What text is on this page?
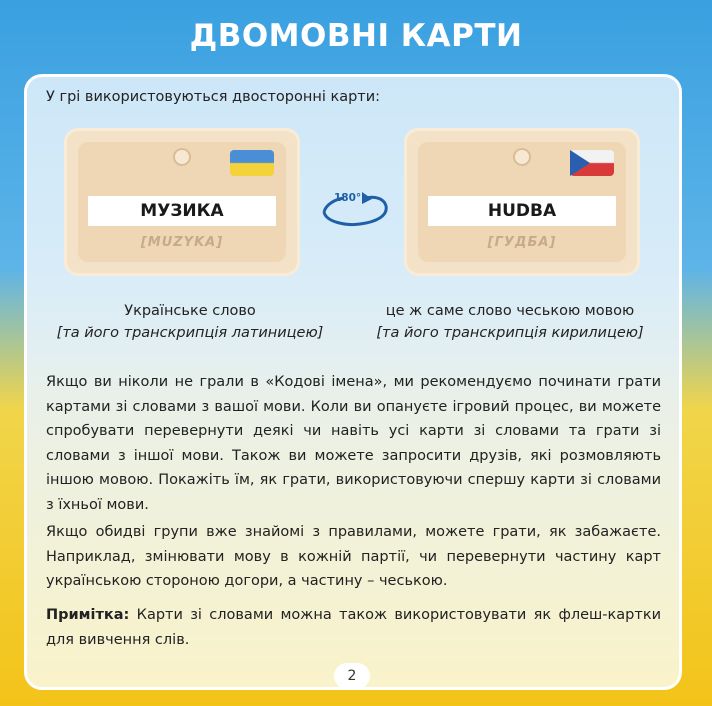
ДВОМОВНІ КАРТИ
У грі використовуються двосторонні карти:
МУЗИКА
[MUZYKA]
180°
HUDBA
[ГУДБА]
Українське слово
[та його транскрипція латиницею]
це ж саме слово чеською мовою
[та його транскрипція кирилицею]
Якщо ви ніколи не грали в «Кодові імена», ми рекомендуємо починати грати картами зі словами з вашої мови. Коли ви опануєте ігровий процес, ви можете спробувати перевернути деякі чи навіть усі карти зі словами та грати зі словами з іншої мови. Також ви можете запросити друзів, які розмовляють іншою мовою. Покажіть їм, як грати, використовуючи спершу карти зі словами з їхньої мови.
Якщо обидві групи вже знайомі з правилами, можете грати, як забажаєте. Наприклад, змінювати мову в кожній партії, чи перевернути частину карт українською стороною догори, а частину – чеською.
Примітка: Карти зі словами можна також використовувати як флеш-картки для вивчення слів.
2
